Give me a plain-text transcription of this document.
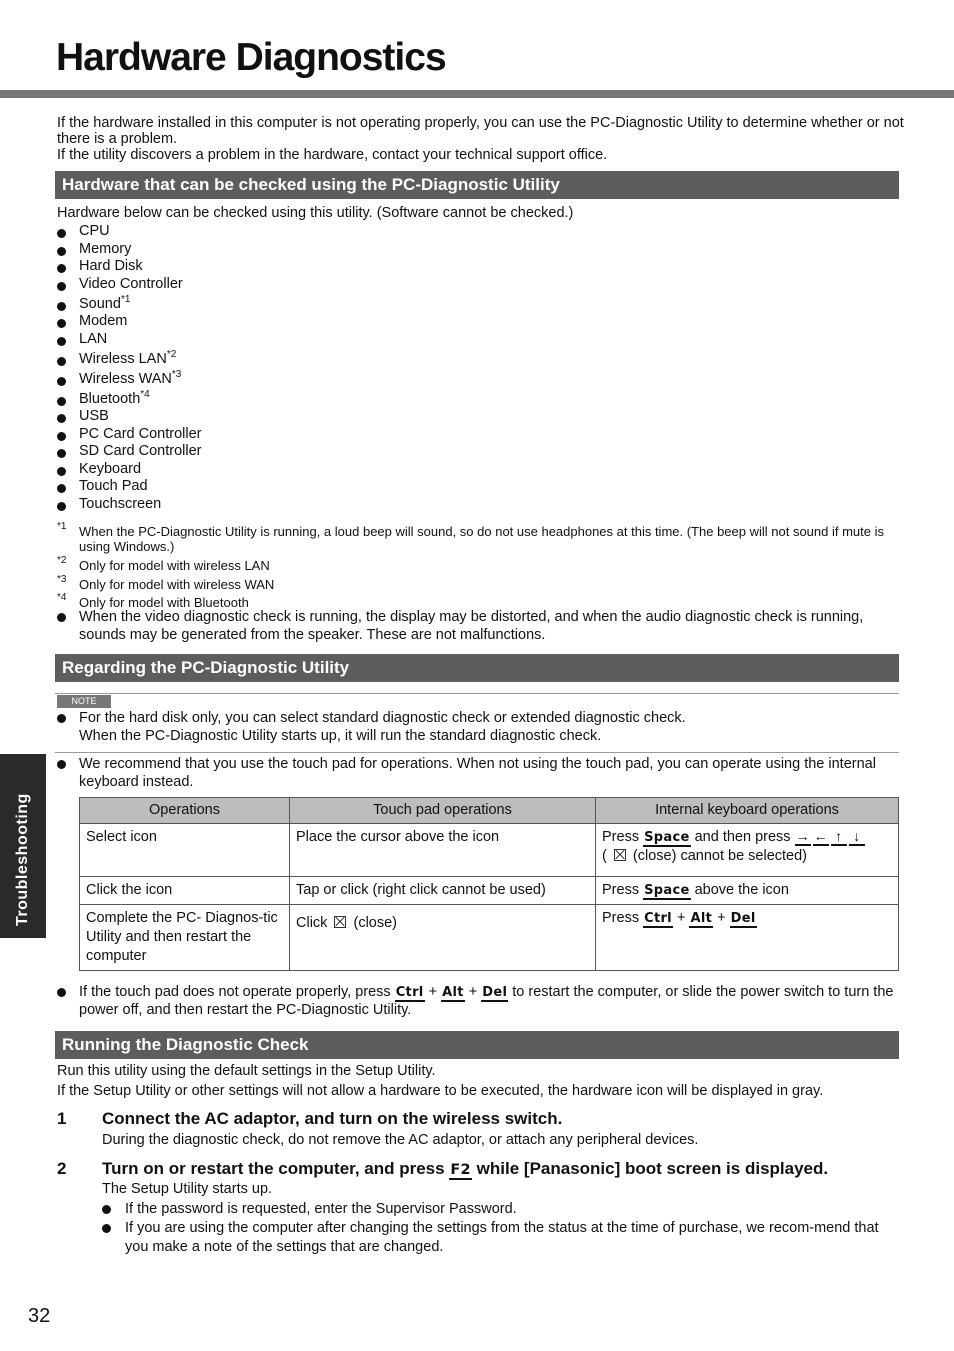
Hardware Diagnostics

If the hardware installed in this computer is not operating properly, you can use the PC-Diagnostic Utility to determine whether or not there is a problem.

If the utility discovers a problem in the hardware, contact your technical support office.

Hardware that can be checked using the PC-Diagnostic Utility
Hardware below can be checked using this utility. (Software cannot be checked.)
CPU
Memory
Hard Disk
Video Controller
Sound$^{*1}$
Modem
LAN
Wireless LAN$^{*2}$
Wireless WAN$^{*3}$
Bluetooth$^{*4}$
USB
PC Card Controller
SD Card Controller
Keyboard
Touch Pad
Touchscreen
*1 When the PC-Diagnostic Utility is running, a loud beep will sound, so do not use headphones at this time. (The beep will not sound if mute is using Windows.)
*2 Only for model with wireless LAN
*3 Only for model with wireless WAN
*4 Only for model with Bluetooth
When the video diagnostic check is running, the display may be distorted, and when the audio diagnostic check is running, sounds may be generated from the speaker. These are not malfunctions.
Regarding the PC-Diagnostic Utility
NOTE
For the hard disk only, you can select standard diagnostic check or extended diagnostic check.
When the PC-Diagnostic Utility starts up, it will run the standard diagnostic check.
We recommend that you use the touch pad for operations. When not using the touch pad, you can operate using the internal keyboard instead.
Operations	Touch pad operations	Internal keyboard operations
Select icon	Place the cursor above the icon	Press Space and then press → ← ↑ ↓
( (close) cannot be selected)
Click the icon	Tap or click (right click cannot be used)	Press Space above the icon
Complete the PC- Diagnos-tic Utility and then restart the computer	Click (close)	Press Ctrl + Alt + Del
If the touch pad does not operate properly, press Ctrl + Alt + Del to restart the computer, or slide the power switch to turn the power off, and then restart the PC-Diagnostic Utility.
Running the Diagnostic Check
Run this utility using the default settings in the Setup Utility.
If the Setup Utility or other settings will not allow a hardware to be executed, the hardware icon will be displayed in gray.
1 Connect the AC adaptor, and turn on the wireless switch.
During the diagnostic check, do not remove the AC adaptor, or attach any peripheral devices.
2 Turn on or restart the computer, and press F2 while [Panasonic] boot screen is displayed.
The Setup Utility starts up.
If the password is requested, enter the Supervisor Password.
If you are using the computer after changing the settings from the status at the time of purchase, we recom-mend that you make a note of the settings that are changed.
Troubleshooting
32
